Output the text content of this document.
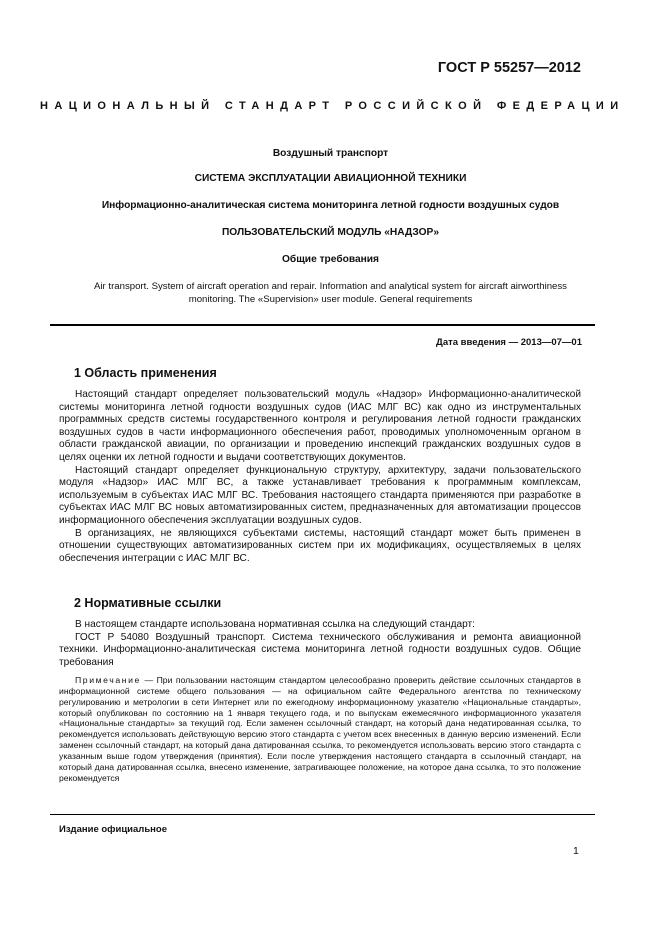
ГОСТ Р 55257—2012
НАЦИОНАЛЬНЫЙ СТАНДАРТ РОССИЙСКОЙ ФЕДЕРАЦИИ
Воздушный транспорт
СИСТЕМА ЭКСПЛУАТАЦИИ АВИАЦИОННОЙ ТЕХНИКИ
Информационно-аналитическая система мониторинга летной годности воздушных судов
ПОЛЬЗОВАТЕЛЬСКИЙ МОДУЛЬ «НАДЗОР»
Общие требования
Air transport. System of aircraft operation and repair. Information and analytical system for aircraft airworthiness
monitoring. The «Supervision» user module. General requirements
Дата введения — 2013—07—01
1 Область применения

Настоящий стандарт определяет пользовательский модуль «Надзор» Информационно-аналитической системы мониторинга летной годности воздушных судов (ИАС МЛГ ВС) как одно из инструментальных программных средств системы государственного контроля и регулирования летной годности гражданских воздушных судов в части информационного обеспечения работ, проводимых уполномоченным органом в области гражданской авиации, по организации и проведению инспекций гражданских воздушных судов в целях оценки их летной годности и выдачи соответствующих документов.

Настоящий стандарт определяет функциональную структуру, архитектуру, задачи пользовательского модуля «Надзор» ИАС МЛГ ВС, а также устанавливает требования к программным комплексам, используемым в субъектах ИАС МЛГ ВС. Требования настоящего стандарта применяются при разработке в субъектах ИАС МЛГ ВС новых автоматизированных систем, предназначенных для автоматизации процессов информационного обеспечения эксплуатации воздушных судов.

В организациях, не являющихся субъектами системы, настоящий стандарт может быть применен в отношении существующих автоматизированных систем при их модификациях, осуществляемых в целях обеспечения интеграции с ИАС МЛГ ВС.

2 Нормативные ссылки

В настоящем стандарте использована нормативная ссылка на следующий стандарт:

ГОСТ Р 54080 Воздушный транспорт. Система технического обслуживания и ремонта авиационной техники. Информационно-аналитическая система мониторинга летной годности воздушных судов. Общие требования

Примечание — При пользовании настоящим стандартом целесообразно проверить действие ссылочных стандартов в информационной системе общего пользования — на официальном сайте Федерального агентства по техническому регулированию и метрологии в сети Интернет или по ежегодному информационному указателю «Национальные стандарты», который опубликован по состоянию на 1 января текущего года, и по выпускам ежемесячного информационного указателя «Национальные стандарты» за текущий год. Если заменен ссылочный стандарт, на который дана недатированная ссылка, то рекомендуется использовать действующую версию этого стандарта с учетом всех внесенных в данную версию изменений. Если заменен ссылочный стандарт, на который дана датированная ссылка, то рекомендуется использовать версию этого стандарта с указанным выше годом утверждения (принятия). Если после утверждения настоящего стандарта в ссылочный стандарт, на который дана датированная ссылка, внесено изменение, затрагивающее положение, на которое дана ссылка, то это положение рекомендуется

Издание официальное
1
